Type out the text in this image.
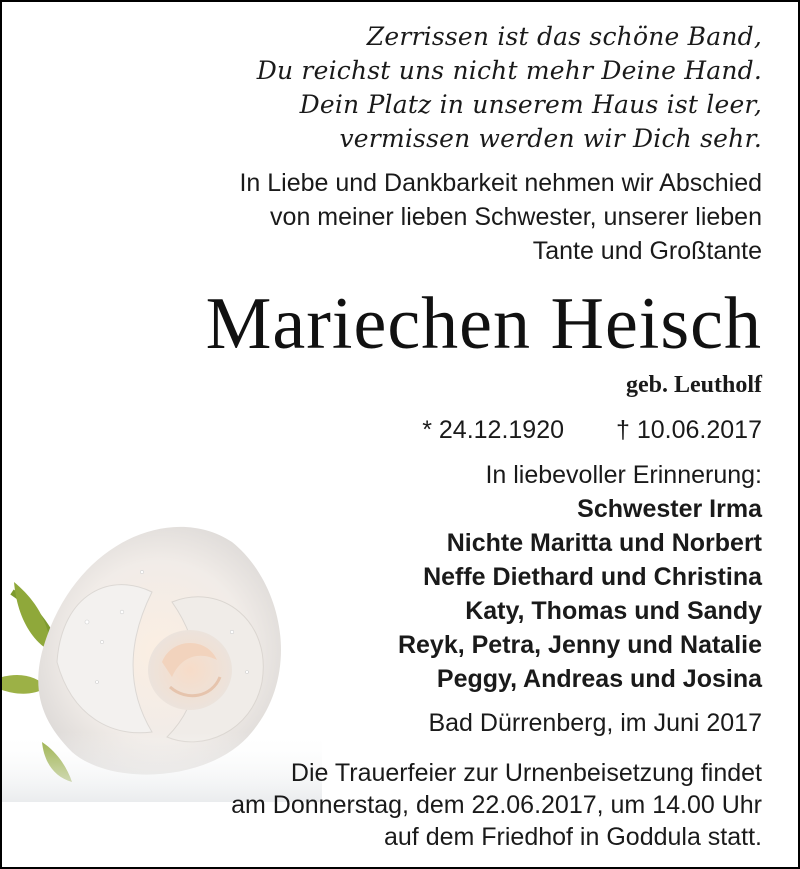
Zerrissen ist das schöne Band,
Du reichst uns nicht mehr Deine Hand.
Dein Platz in unserem Haus ist leer,
vermissen werden wir Dich sehr.
In Liebe und Dankbarkeit nehmen wir Abschied
von meiner lieben Schwester, unserer lieben
Tante und Großtante
Mariechen Heisch
geb. Leutholf
* 24.12.1920 † 10.06.2017
In liebevoller Erinnerung:
Schwester Irma
Nichte Maritta und Norbert
Neffe Diethard und Christina
Katy, Thomas und Sandy
Reyk, Petra, Jenny und Natalie
Peggy, Andreas und Josina
Bad Dürrenberg, im Juni 2017
Die Trauerfeier zur Urnenbeisetzung findet
am Donnerstag, dem 22.06.2017, um 14.00 Uhr
auf dem Friedhof in Goddula statt.
